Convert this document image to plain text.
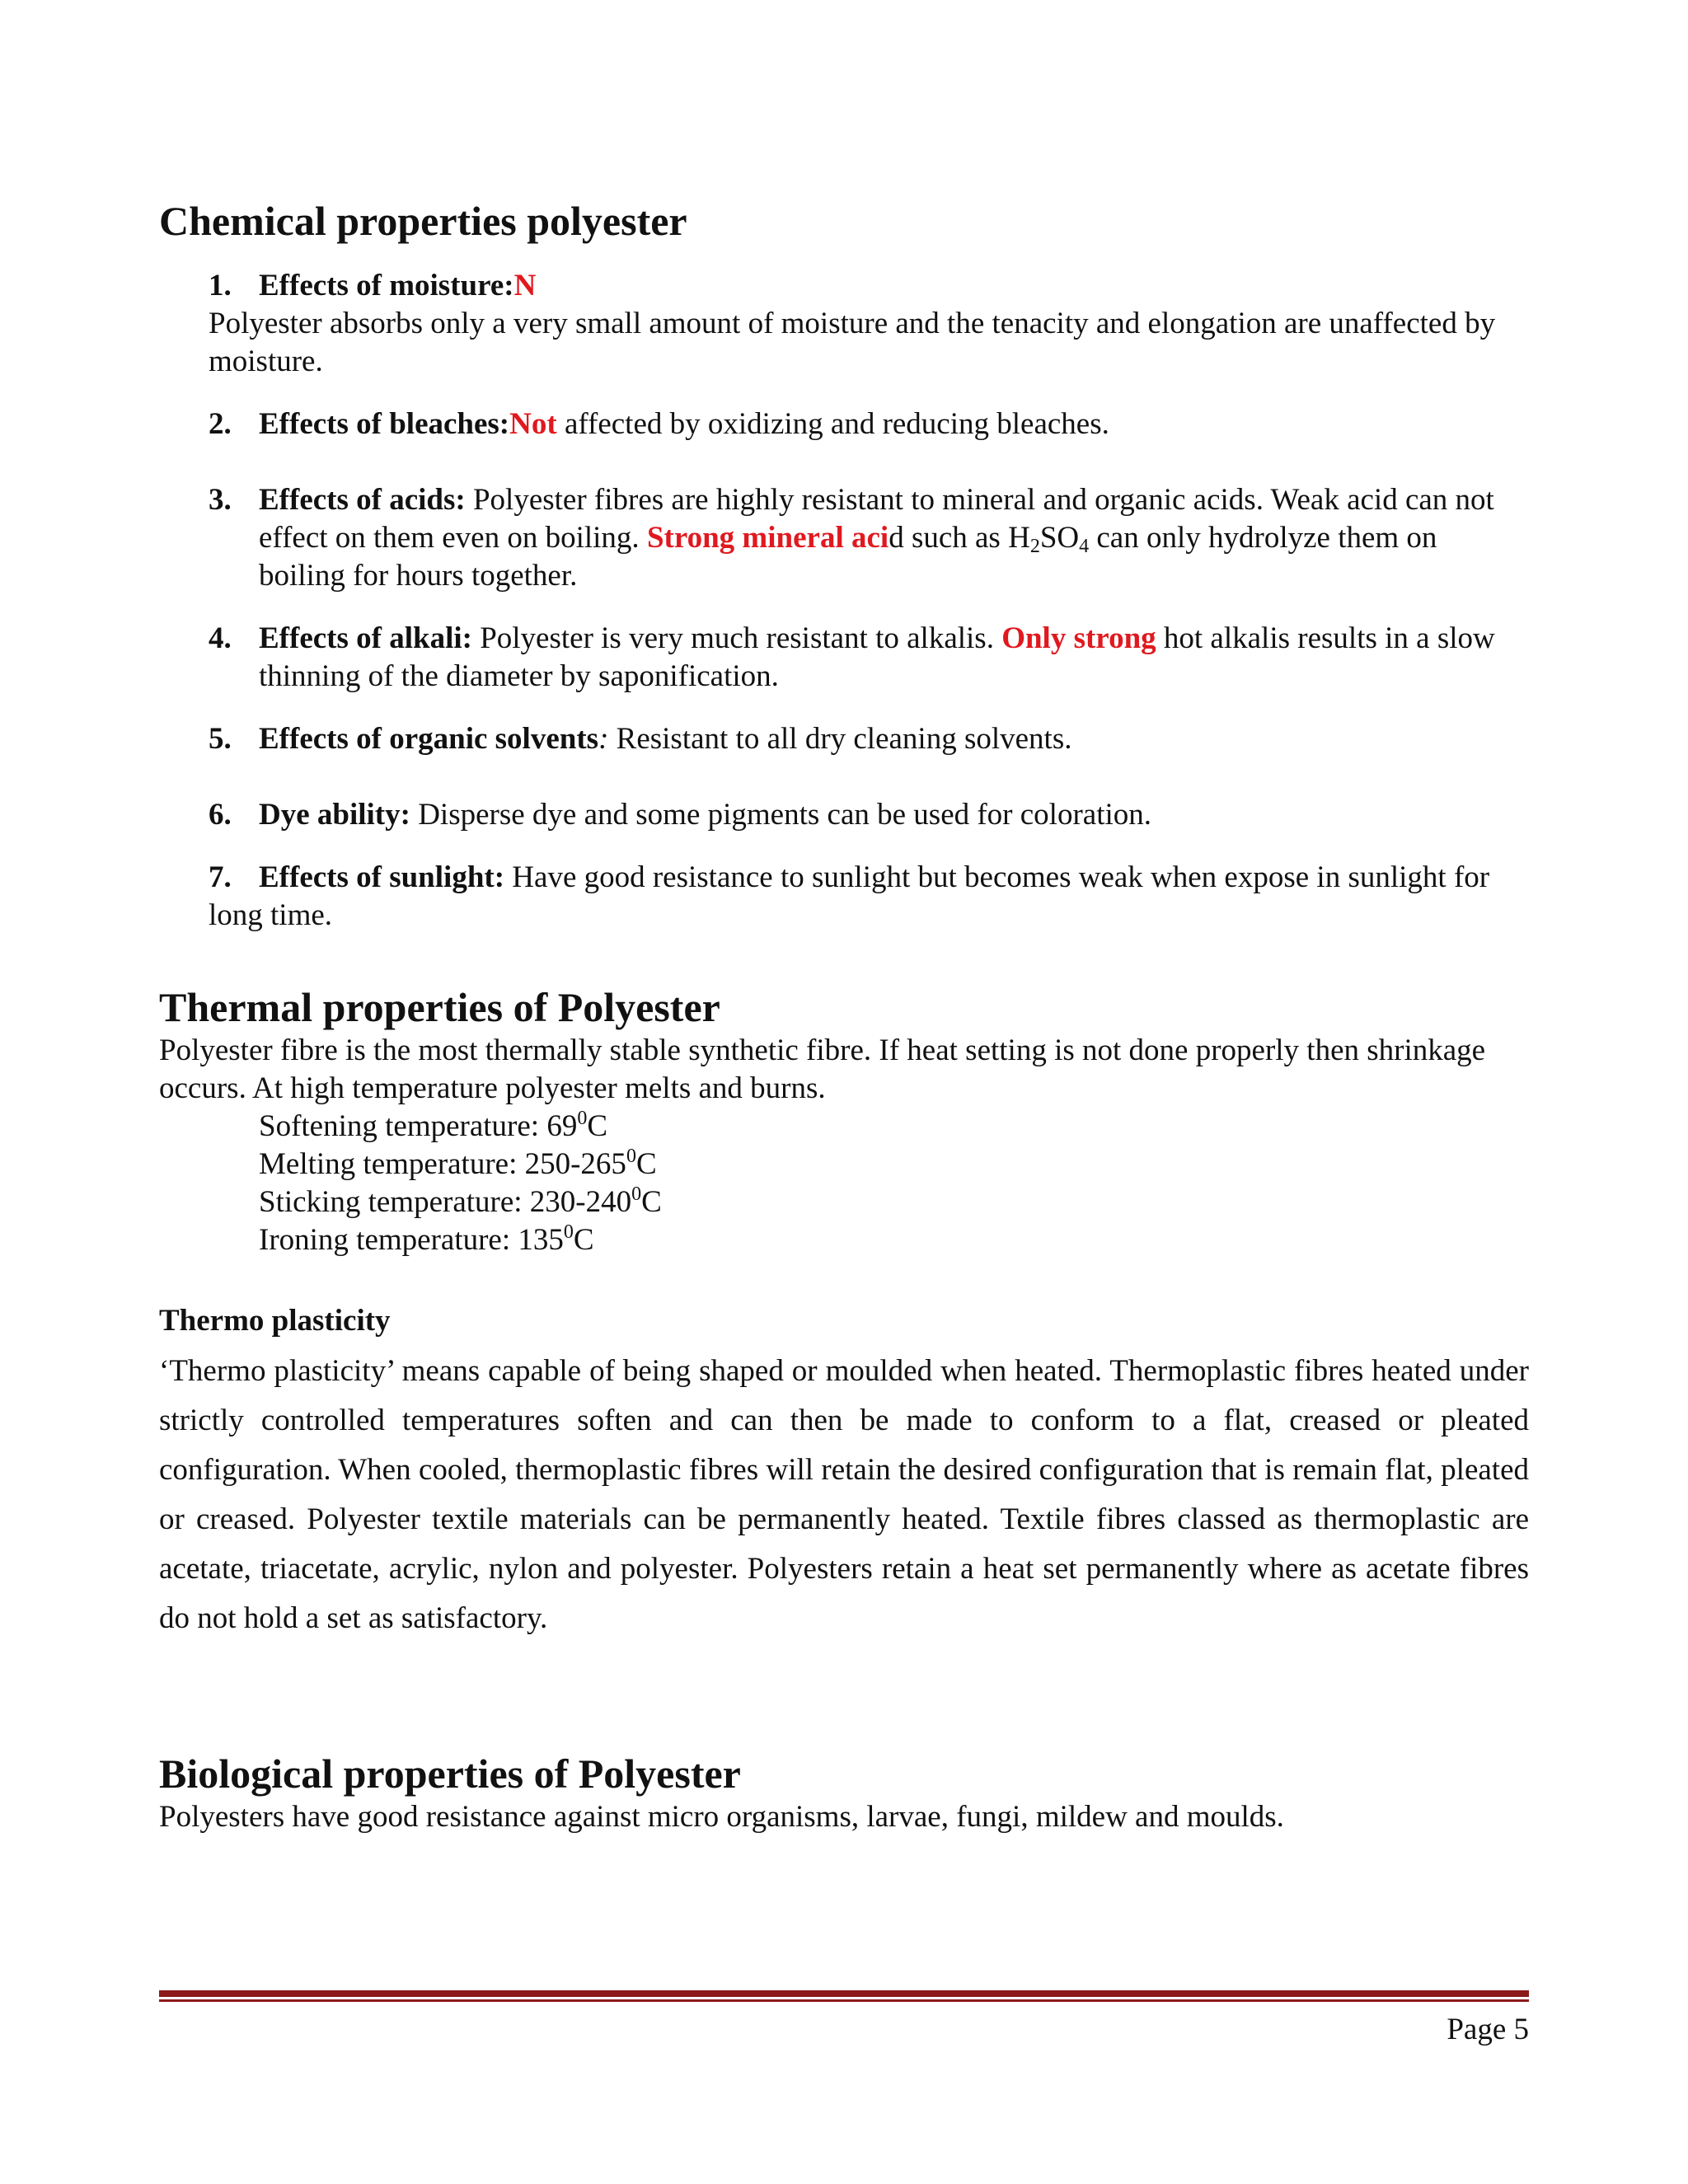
Chemical properties polyester
1. Effects of moisture:N
Polyester absorbs only a very small amount of moisture and the tenacity and elongation are unaffected by moisture.
2. Effects of bleaches:Not affected by oxidizing and reducing bleaches.
3. Effects of acids: Polyester fibres are highly resistant to mineral and organic acids. Weak acid can not effect on them even on boiling. Strong mineral acid such as $H_2SO_4$ can only hydrolyze them on boiling for hours together.
4. Effects of alkali: Polyester is very much resistant to alkalis. Only strong hot alkalis results in a slow thinning of the diameter by saponification.
5. Effects of organic solvents: Resistant to all dry cleaning solvents.
6. Dye ability: Disperse dye and some pigments can be used for coloration.
7. Effects of sunlight: Have good resistance to sunlight but becomes weak when expose in sunlight for long time.
Thermal properties of Polyester

Polyester fibre is the most thermally stable synthetic fibre. If heat setting is not done properly then shrinkage occurs. At high temperature polyester melts and burns.

Softening temperature: $69^0C$
Melting temperature: $250-265^0C$
Sticking temperature: $230-240^0C$
Ironing temperature: $135^0C$
Thermo plasticity

‘Thermo plasticity’ means capable of being shaped or moulded when heated. Thermoplastic fibres heated under strictly controlled temperatures soften and can then be made to conform to a flat, creased or pleated configuration. When cooled, thermoplastic fibres will retain the desired configuration that is remain flat, pleated or creased. Polyester textile materials can be permanently heated. Textile fibres classed as thermoplastic are acetate, triacetate, acrylic, nylon and polyester. Polyesters retain a heat set permanently where as acetate fibres do not hold a set as satisfactory.

Biological properties of Polyester

Polyesters have good resistance against micro organisms, larvae, fungi, mildew and moulds.

Page 5
